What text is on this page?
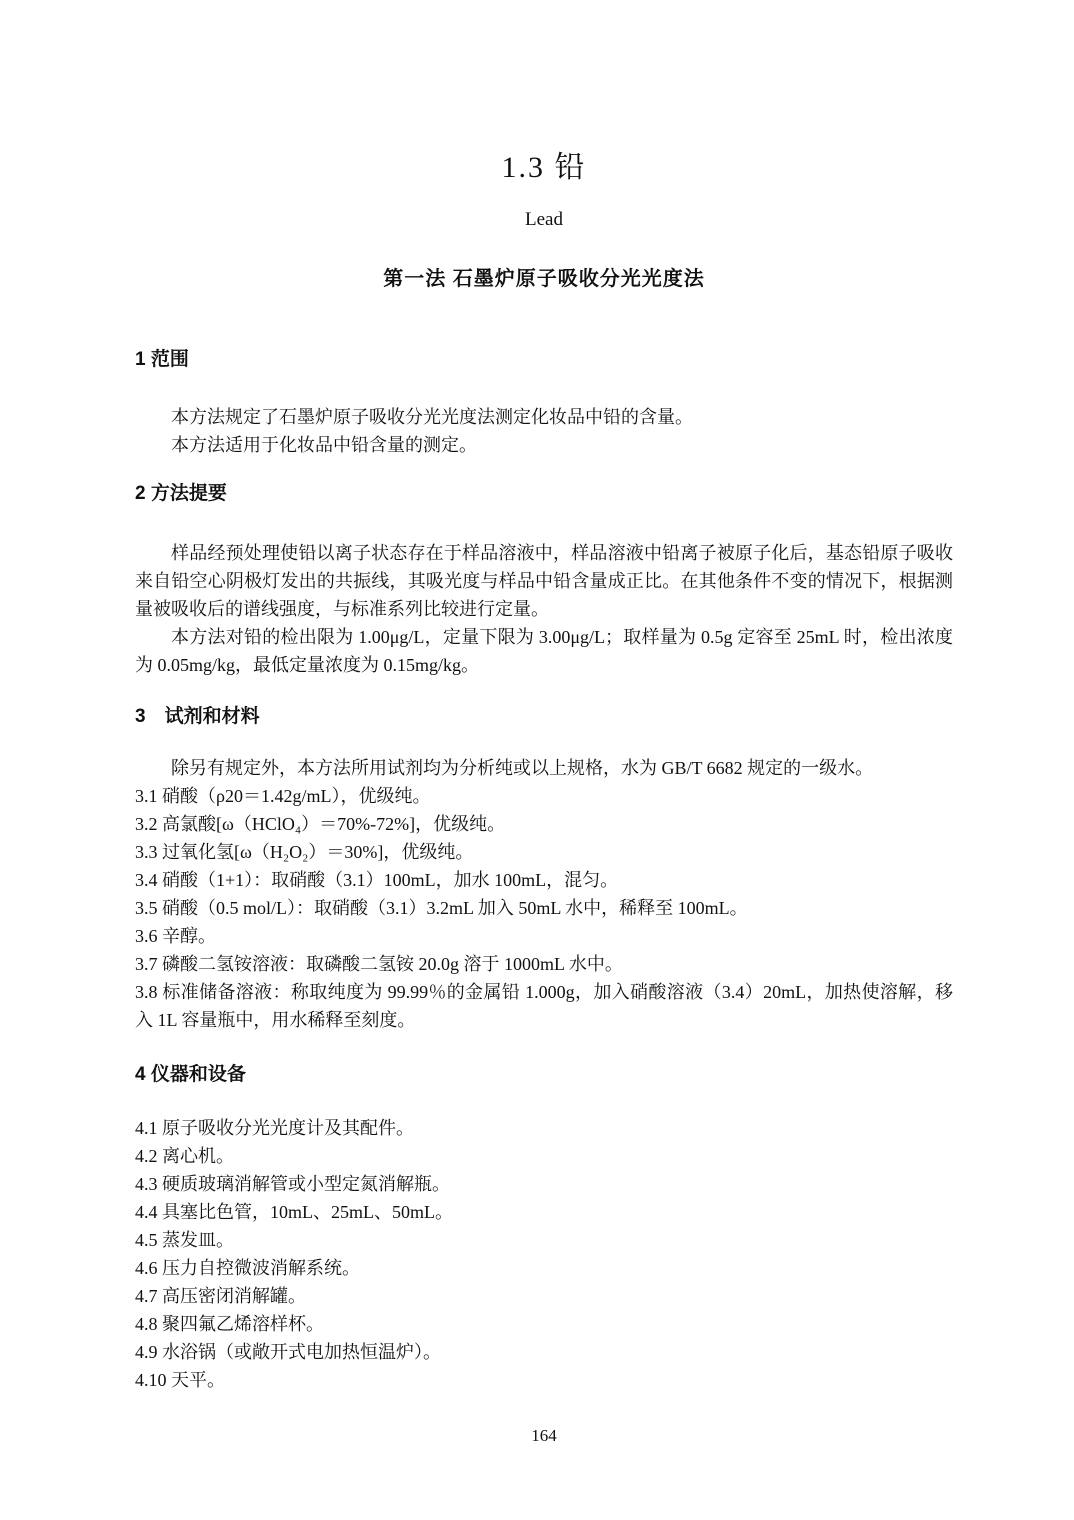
1.3 铅
Lead
第一法 石墨炉原子吸收分光光度法
1 范围

本方法规定了石墨炉原子吸收分光光度法测定化妆品中铅的含量。

本方法适用于化妆品中铅含量的测定。

2 方法提要

样品经预处理使铅以离子状态存在于样品溶液中，样品溶液中铅离子被原子化后，基态铅原子吸收来自铅空心阴极灯发出的共振线，其吸光度与样品中铅含量成正比。在其他条件不变的情况下，根据测量被吸收后的谱线强度，与标准系列比较进行定量。

本方法对铅的检出限为 1.00μg/L，定量下限为 3.00μg/L；取样量为 0.5g 定容至 25mL 时，检出浓度为 0.05mg/kg，最低定量浓度为 0.15mg/kg。

3　试剂和材料

除另有规定外，本方法所用试剂均为分析纯或以上规格，水为 GB/T 6682 规定的一级水。

3.1 硝酸（ρ20＝1.42g/mL），优级纯。

3.2 高氯酸[ω（HClO₄）＝70%-72%]，优级纯。

3.3 过氧化氢[ω（H₂O₂）＝30%]，优级纯。

3.4 硝酸（1+1）：取硝酸（3.1）100mL，加水 100mL，混匀。

3.5 硝酸（0.5 mol/L）：取硝酸（3.1）3.2mL 加入 50mL 水中，稀释至 100mL。

3.6 辛醇。

3.7 磷酸二氢铵溶液：取磷酸二氢铵 20.0g 溶于 1000mL 水中。

3.8 标准储备溶液：称取纯度为 99.99％的金属铅 1.000g，加入硝酸溶液（3.4）20mL，加热使溶解，移入 1L 容量瓶中，用水稀释至刻度。

4 仪器和设备

4.1 原子吸收分光光度计及其配件。

4.2 离心机。

4.3 硬质玻璃消解管或小型定氮消解瓶。

4.4 具塞比色管，10mL、25mL、50mL。

4.5 蒸发皿。

4.6 压力自控微波消解系统。

4.7 高压密闭消解罐。

4.8 聚四氟乙烯溶样杯。

4.9 水浴锅（或敞开式电加热恒温炉）。

4.10 天平。

164
